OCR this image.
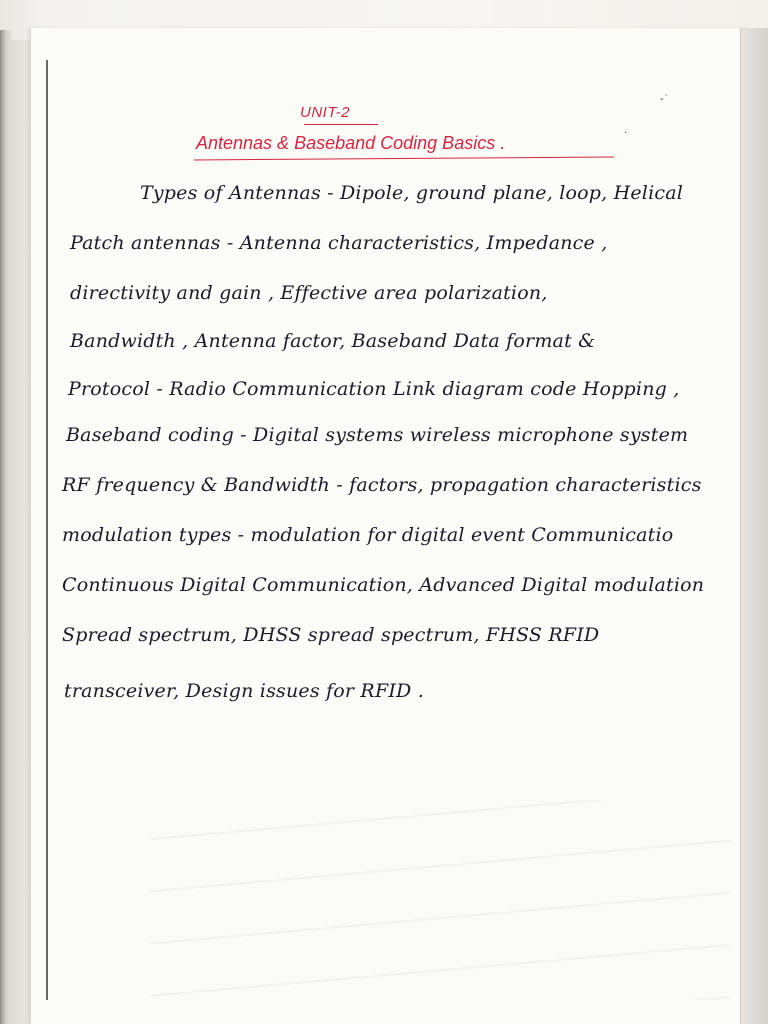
UNIT-2
Antennas & Baseband Coding Basics .
-˙
·
Types of Antennas - Dipole, ground plane, loop, Helical
Patch antennas - Antenna characteristics, Impedance ,
directivity and gain , Effective area polarization,
Bandwidth , Antenna factor, Baseband Data format &
Protocol - Radio Communication Link diagram code Hopping ,
Baseband coding - Digital systems wireless microphone system
RF frequency & Bandwidth - factors, propagation characteristics
modulation types - modulation for digital event Communicatio
Continuous Digital Communication, Advanced Digital modulation
Spread spectrum, DHSS spread spectrum, FHSS RFID
transceiver, Design issues for RFID .
